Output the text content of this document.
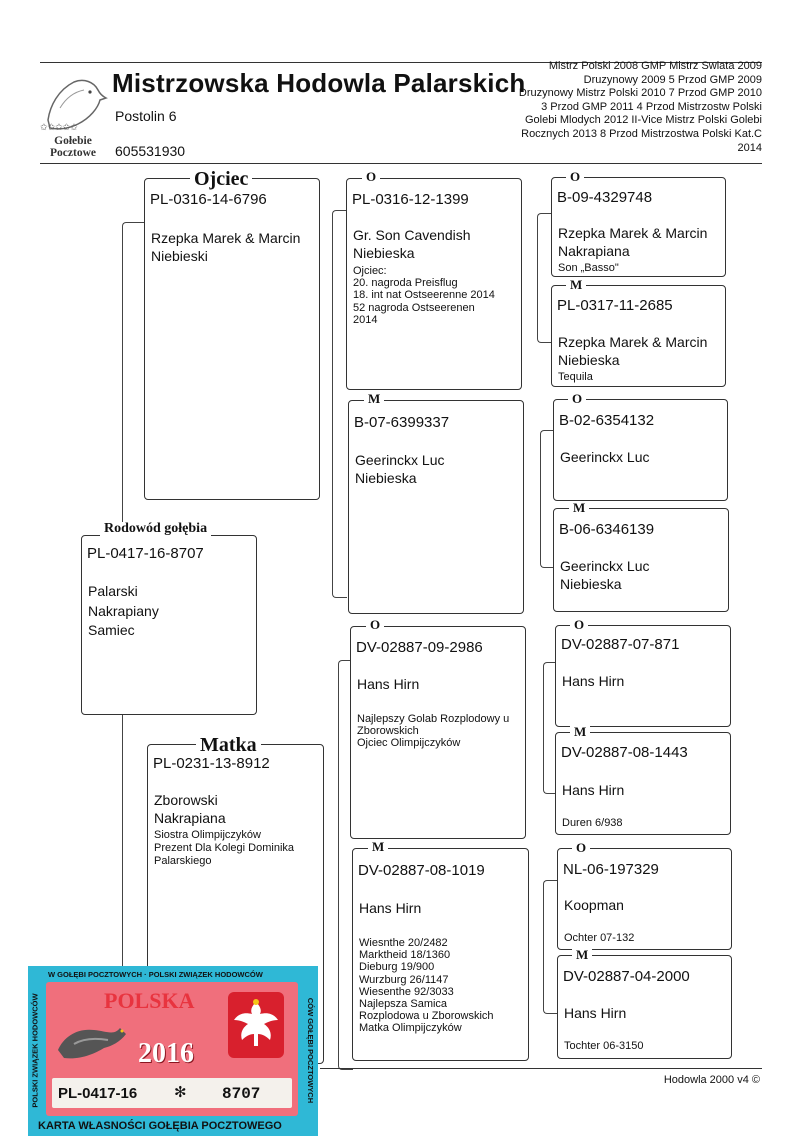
✩✩✩✩✩
Gołebie
Pocztowe
Mistrzowska Hodowla Palarskich
Postolin 6
605531930
Mistrz Polski 2008 GMP Mistrz Swiata 2009
Druzynowy 2009 5 Przod GMP 2009
Druzynowy Mistrz Polski 2010 7 Przod GMP 2010
3 Przod GMP 2011 4 Przod Mistrzostw Polski
Golebi Mlodych 2012 II-Vice Mistrz Polski Golebi
Rocznych 2013 8 Przod Mistrzostwa Polski Kat.C
2014
PL-0316-14-6796
Rzepka Marek & Marcin
Niebieski
Ojciec
PL-0417-16-8707
Palarski
Nakrapiany
Samiec
Rodowód gołębia
PL-0231-13-8912
Zborowski
Nakrapiana
Siostra Olimpijczyków
Prezent Dla Kolegi Dominika
Palarskiego
Matka
PL-0316-12-1399
Gr. Son Cavendish
Niebieska
Ojciec:
20. nagroda Preisflug
18. int nat Ostseerenne 2014
52 nagroda Ostseerenen
2014
O
B-07-6399337
Geerinckx Luc
Niebieska
M
DV-02887-09-2986
Hans Hirn
Najlepszy Golab Rozplodowy u
Zborowskich
Ojciec Olimpijczyków
O
DV-02887-08-1019
Hans Hirn
Wiesnthe 20/2482
Marktheid 18/1360
Dieburg 19/900
Wurzburg 26/1147
Wiesenthe 92/3033
Najlepsza Samica
Rozplodowa u Zborowskich
Matka Olimpijczyków
M
B-09-4329748
Rzepka Marek & Marcin
Nakrapiana
Son „Basso"
O
PL-0317-11-2685
Rzepka Marek & Marcin
Niebieska
Tequila
M
B-02-6354132
Geerinckx Luc
O
B-06-6346139
Geerinckx Luc
Niebieska
M
DV-02887-07-871
Hans Hirn
O
DV-02887-08-1443
Hans Hirn
Duren 6/938
M
NL-06-197329
Koopman
Ochter 07-132
O
DV-02887-04-2000
Hans Hirn
Tochter 06-3150
M
Hodowla 2000 v4 ©
W GOŁĘBI POCZTOWYCH · POLSKI ZWIĄZEK HODOWCÓW
POLSKI ZWIĄZEK HODOWCÓW	CÓW GOŁĘBI POCZTOWYCH
POLSKA
2016
PL-0417-16 ✻ 8707
KARTA WŁASNOŚCI GOŁĘBIA POCZTOWEGO
